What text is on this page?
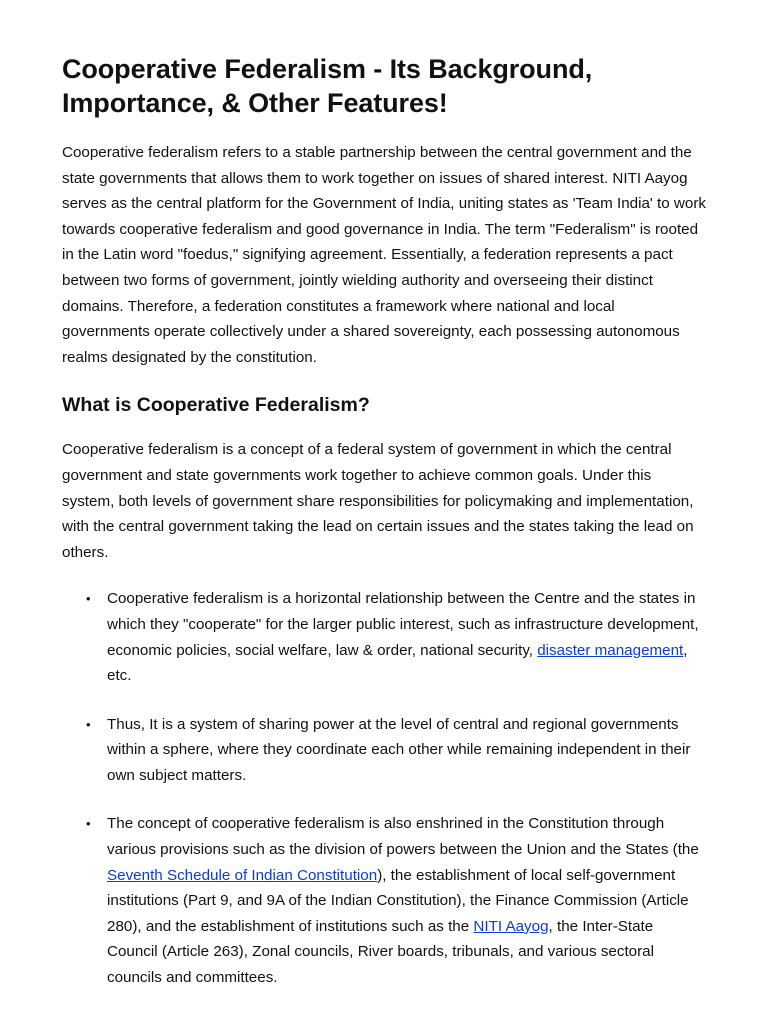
Cooperative Federalism - Its Background, Importance, & Other Features!

Cooperative federalism refers to a stable partnership between the central government and the state governments that allows them to work together on issues of shared interest. NITI Aayog serves as the central platform for the Government of India, uniting states as 'Team India' to work towards cooperative federalism and good governance in India. The term "Federalism" is rooted in the Latin word "foedus," signifying agreement. Essentially, a federation represents a pact between two forms of government, jointly wielding authority and overseeing their distinct domains. Therefore, a federation constitutes a framework where national and local governments operate collectively under a shared sovereignty, each possessing autonomous realms designated by the constitution.

What is Cooperative Federalism?

Cooperative federalism is a concept of a federal system of government in which the central government and state governments work together to achieve common goals. Under this system, both levels of government share responsibilities for policymaking and implementation, with the central government taking the lead on certain issues and the states taking the lead on others.

• Cooperative federalism is a horizontal relationship between the Centre and the states in which they "cooperate" for the larger public interest, such as infrastructure development, economic policies, social welfare, law & order, national security, disaster management, etc.
• Thus, It is a system of sharing power at the level of central and regional governments within a sphere, where they coordinate each other while remaining independent in their own subject matters.
• The concept of cooperative federalism is also enshrined in the Constitution through various provisions such as the division of powers between the Union and the States (the Seventh Schedule of Indian Constitution), the establishment of local self-government institutions (Part 9, and 9A of the Indian Constitution), the Finance Commission (Article 280), and the establishment of institutions such as the NITI Aayog, the Inter-State Council (Article 263), Zonal councils, River boards, tribunals, and various sectoral councils and committees.
